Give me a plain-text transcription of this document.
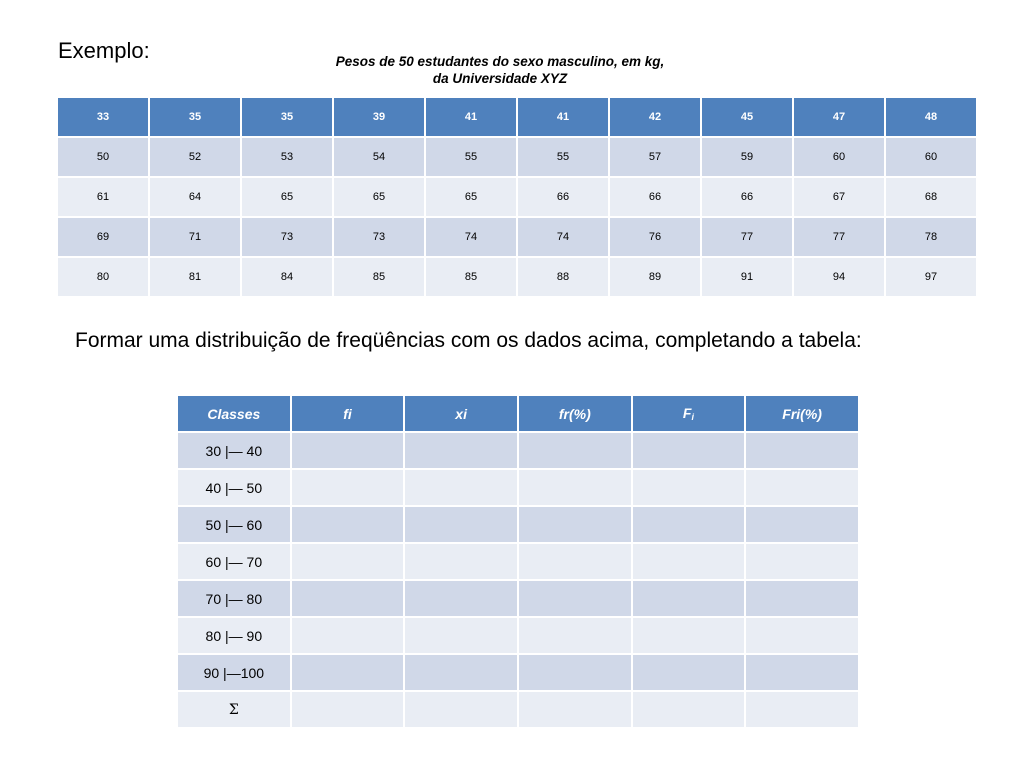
Exemplo:	Pesos de 50 estudantes do sexo masculino, em kg,
da Universidade XYZ
33	35	35	39	41	41	42	45	47	48
50	52	53	54	55	55	57	59	60	60
61	64	65	65	65	66	66	66	67	68
69	71	73	73	74	74	76	77	77	78
80	81	84	85	85	88	89	91	94	97
Formar uma distribuição de freqüências com os dados acima, completando a tabela:
Classes	fi	xi	fr(%)	$F_i$	Fri(%)
30 |— 40					
40 |— 50					
50 |— 60					
60 |— 70					
70 |— 80					
80 |— 90					
90 |—100					
Σ					
